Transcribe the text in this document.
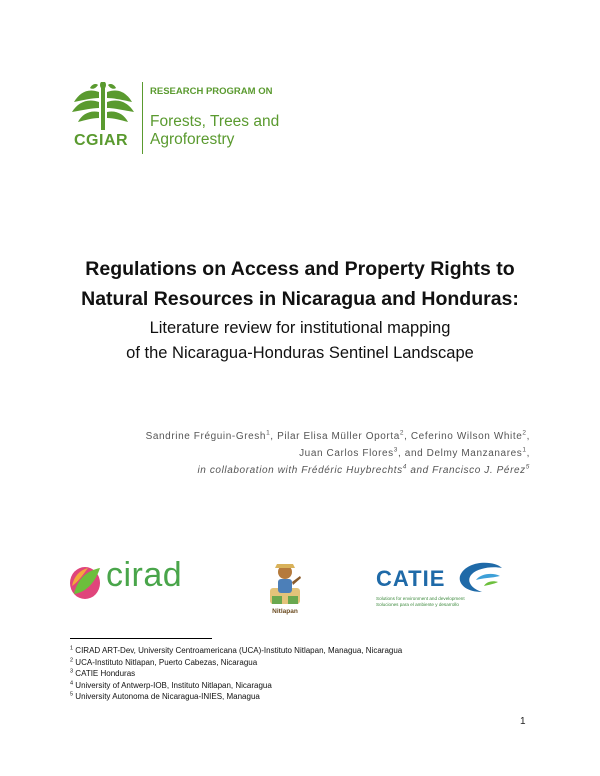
CGIAR
RESEARCH PROGRAM ON
Forests, Trees and Agroforestry
Regulations on Access and Property Rights to
Natural Resources in Nicaragua and Honduras:
Literature review for institutional mapping
of the Nicaragua-Honduras Sentinel Landscape
Sandrine Fréguin-Gresh$^1$, Pilar Elisa Müller Oporta$^2$, Ceferino Wilson White$^2$,
Juan Carlos Flores$^3$, and Delmy Manzanares$^1$,
in collaboration with Frédéric Huybrechts$^4$ and Francisco J. Pérez$^5$
cirad
Nitlapan
CATIE
Solutions for environment and development
Soluciones para el ambiente y desarrollo
$^1$ CIRAD ART-Dev, University Centroamericana (UCA)-Instituto Nitlapan, Managua, Nicaragua
$^2$ UCA-Instituto Nitlapan, Puerto Cabezas, Nicaragua
$^3$ CATIE Honduras
$^4$ University of Antwerp-IOB, Instituto Nitlapan, Nicaragua
$^5$ University Autonoma de Nicaragua-INIES, Managua
1
